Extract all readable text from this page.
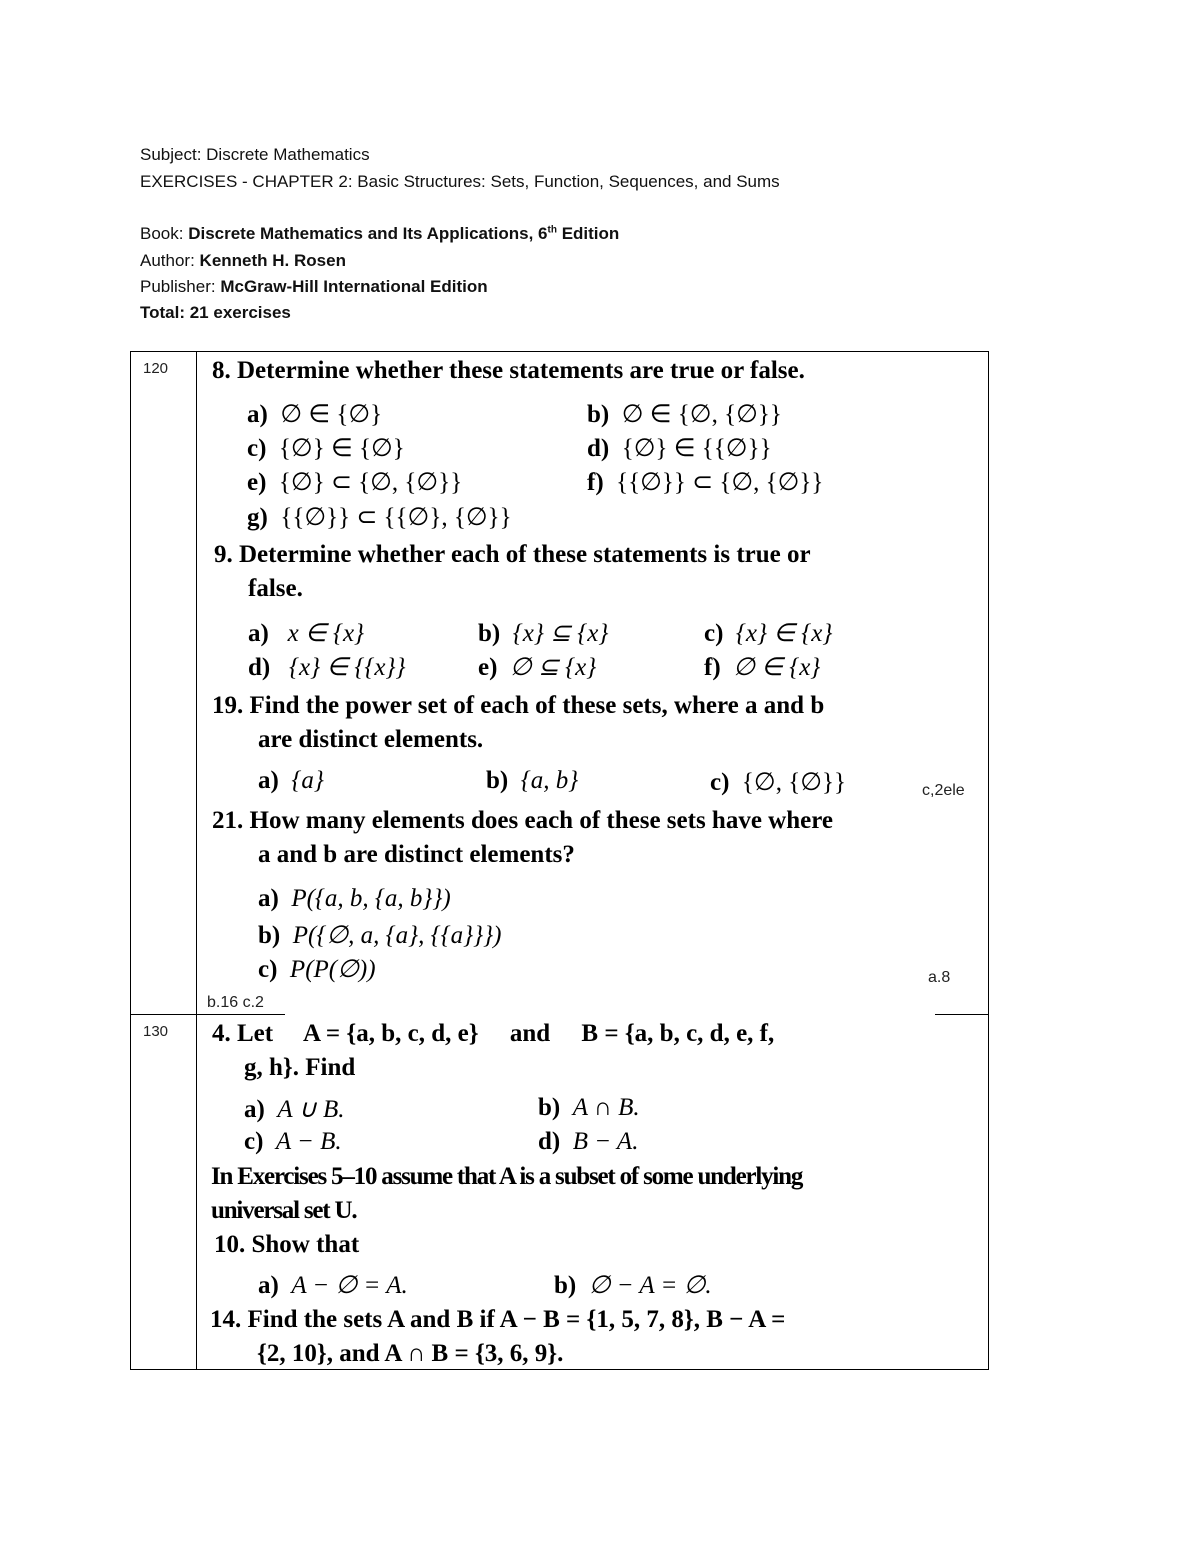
Subject: Discrete Mathematics
EXERCISES - CHAPTER 2: Basic Structures: Sets, Function, Sequences, and Sums
Book: Discrete Mathematics and Its Applications, 6th Edition
Author: Kenneth H. Rosen
Publisher: McGraw-Hill International Edition
Total: 21 exercises
120 8. Determine whether these statements are true or false.
a) ∅ ∈ {∅}	b) ∅ ∈ {∅, {∅}}
c) {∅} ∈ {∅}	d) {∅} ∈ {{∅}}
e) {∅} ⊂ {∅, {∅}}	f) {{∅}} ⊂ {∅, {∅}}
g) {{∅}} ⊂ {{∅}, {∅}}
9. Determine whether each of these statements is true or
false.
a) x ∈ {x}	b) {x} ⊆ {x}	c) {x} ∈ {x}
d) {x} ∈ {{x}}	e) ∅ ⊆ {x}	f) ∅ ∈ {x}
19. Find the power set of each of these sets, where a and b
are distinct elements.
a) {a}	b) {a, b}	c) {∅, {∅}}	c,2ele
21. How many elements does each of these sets have where
a and b are distinct elements?
a) P({a, b, {a, b}})
b) P({∅, a, {a}, {{a}}})
c) P(P(∅))	a.8
b.16 c.2
130 4. Let     A = {a, b, c, d, e}     and     B = {a, b, c, d, e, f,
g, h}. Find
a) A ∪ B.	b) A ∩ B.
c) A − B.	d) B − A.
In Exercises 5–10 assume that A is a subset of some underlying
universal set U.
10. Show that
a) A − ∅ = A.	b) ∅ − A = ∅.
14. Find the sets A and B if A − B = {1, 5, 7, 8}, B − A =
{2, 10}, and A ∩ B = {3, 6, 9}.
